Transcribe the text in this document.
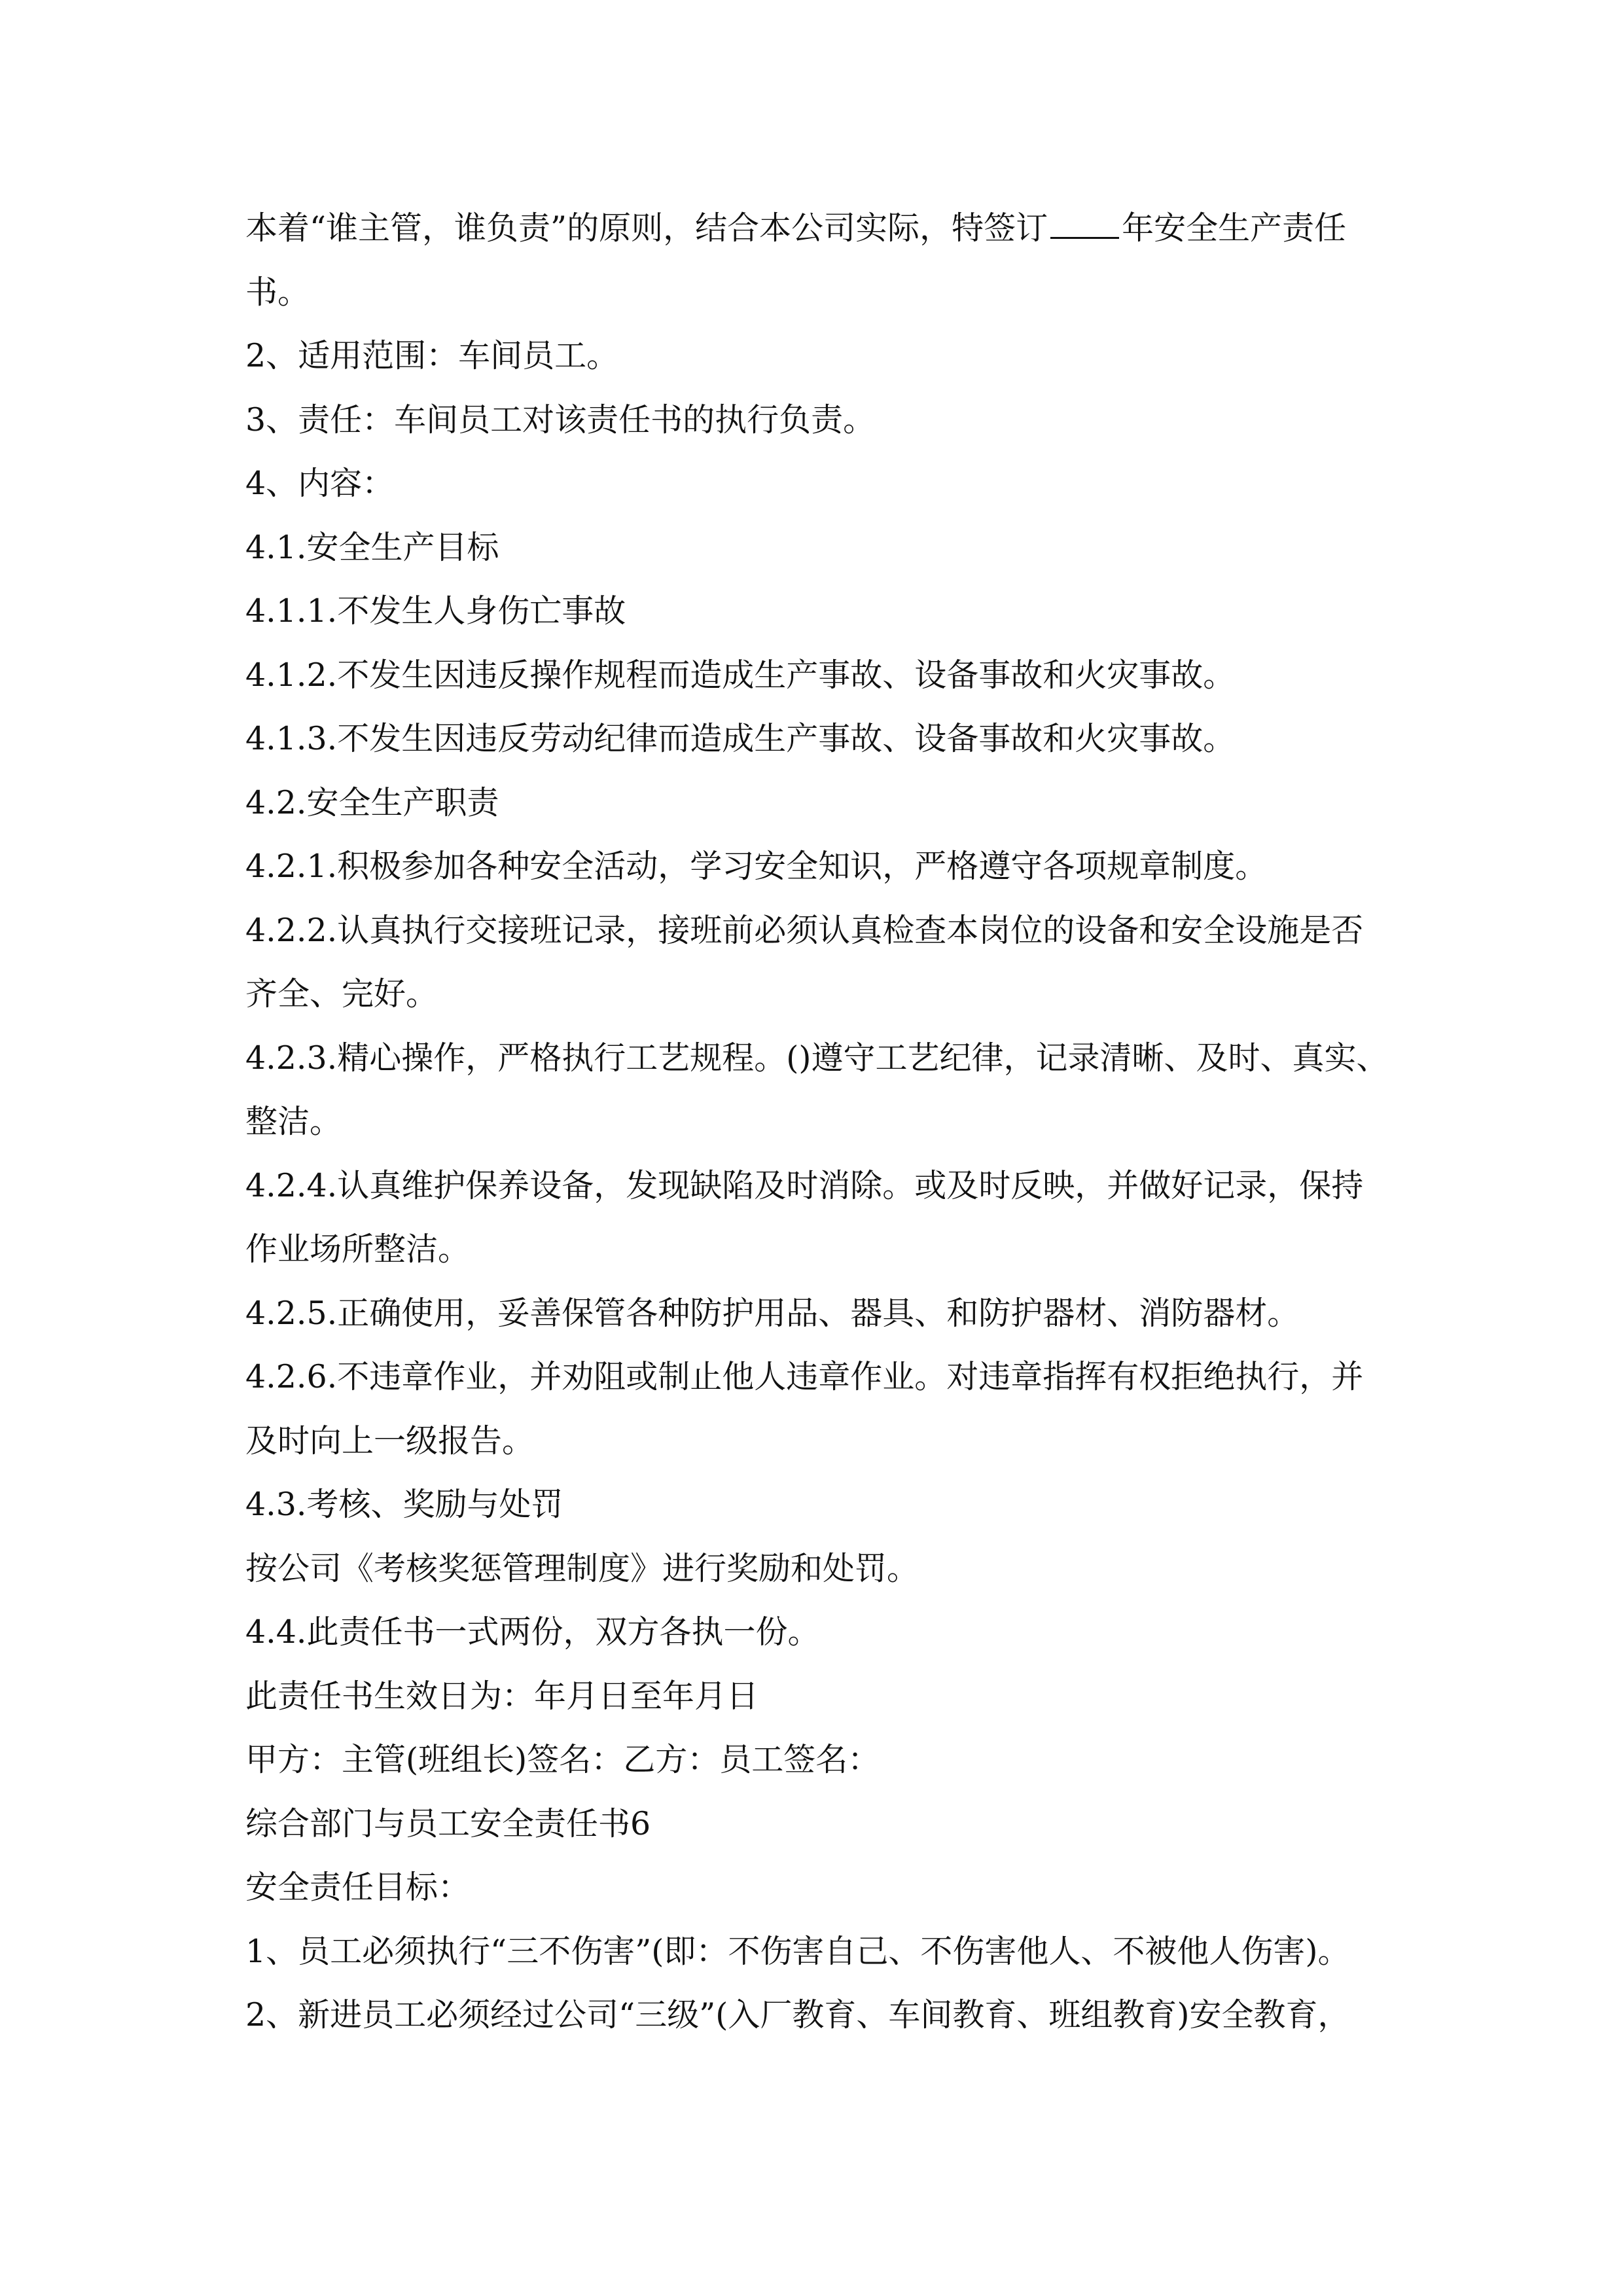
本着“谁主管，谁负责”的原则，结合本公司实际，特签订 年安全生产责任
书。
2、适用范围：车间员工。
3、责任：车间员工对该责任书的执行负责。
4、内容：
4.1.安全生产目标
4.1.1.不发生人身伤亡事故
4.1.2.不发生因违反操作规程而造成生产事故、设备事故和火灾事故。
4.1.3.不发生因违反劳动纪律而造成生产事故、设备事故和火灾事故。
4.2.安全生产职责
4.2.1.积极参加各种安全活动，学习安全知识，严格遵守各项规章制度。
4.2.2.认真执行交接班记录，接班前必须认真检查本岗位的设备和安全设施是否
齐全、完好。
4.2.3.精心操作，严格执行工艺规程。()遵守工艺纪律，记录清晰、及时、真实、
整洁。
4.2.4.认真维护保养设备，发现缺陷及时消除。或及时反映，并做好记录，保持
作业场所整洁。
4.2.5.正确使用，妥善保管各种防护用品、器具、和防护器材、消防器材。
4.2.6.不违章作业，并劝阻或制止他人违章作业。对违章指挥有权拒绝执行，并
及时向上一级报告。
4.3.考核、奖励与处罚
按公司《考核奖惩管理制度》进行奖励和处罚。
4.4.此责任书一式两份，双方各执一份。
此责任书生效日为：年月日至年月日
甲方：主管(班组长)签名：乙方：员工签名：
综合部门与员工安全责任书6
安全责任目标：
1、员工必须执行“三不伤害”(即：不伤害自己、不伤害他人、不被他人伤害)。
2、新进员工必须经过公司“三级”(入厂教育、车间教育、班组教育)安全教育，
